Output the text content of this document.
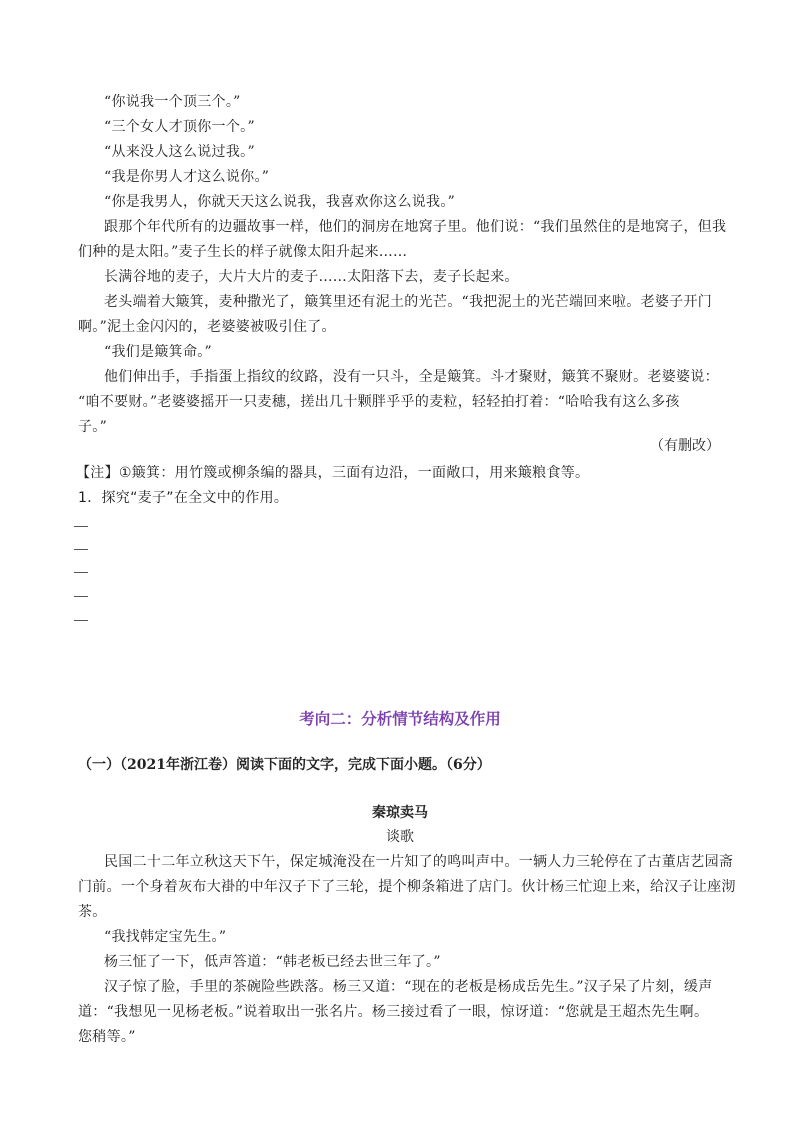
“你说我一个顶三个。”
“三个女人才顶你一个。”
“从来没人这么说过我。”
“我是你男人才这么说你。”
“你是我男人，你就天天这么说我，我喜欢你这么说我。”
跟那个年代所有的边疆故事一样，他们的洞房在地窝子里。他们说：“我们虽然住的是地窝子，但我
们种的是太阳。”麦子生长的样子就像太阳升起来……
长满谷地的麦子，大片大片的麦子……太阳落下去，麦子长起来。
老头端着大簸箕，麦种撒光了，簸箕里还有泥土的光芒。“我把泥土的光芒端回来啦。老婆子开门
啊。”泥土金闪闪的，老婆婆被吸引住了。
“我们是簸箕命。”
他们伸出手，手指蛋上指纹的纹路，没有一只斗，全是簸箕。斗才聚财，簸箕不聚财。老婆婆说：
“咱不要财。”老婆婆摇开一只麦穗，搓出几十颗胖乎乎的麦粒，轻轻拍打着：“哈哈我有这么多孩
子。”
（有删改）
【注】①簸箕：用竹篾或柳条编的器具，三面有边沿，一面敞口，用来簸粮食等。
1．探究“麦子”在全文中的作用。
考向二：分析情节结构及作用
（一）（2021年浙江卷）阅读下面的文字，完成下面小题。（6分）
秦琼卖马
谈歌
民国二十二年立秋这天下午，保定城淹没在一片知了的鸣叫声中。一辆人力三轮停在了古董店艺园斋
门前。一个身着灰布大褂的中年汉子下了三轮，提个柳条箱进了店门。伙计杨三忙迎上来，给汉子让座沏
茶。
“我找韩定宝先生。”
杨三怔了一下，低声答道：“韩老板已经去世三年了。”
汉子惊了脸，手里的茶碗险些跌落。杨三又道：“现在的老板是杨成岳先生。”汉子呆了片刻，缓声
道：“我想见一见杨老板。”说着取出一张名片。杨三接过看了一眼，惊讶道：“您就是王超杰先生啊。
您稍等。”
